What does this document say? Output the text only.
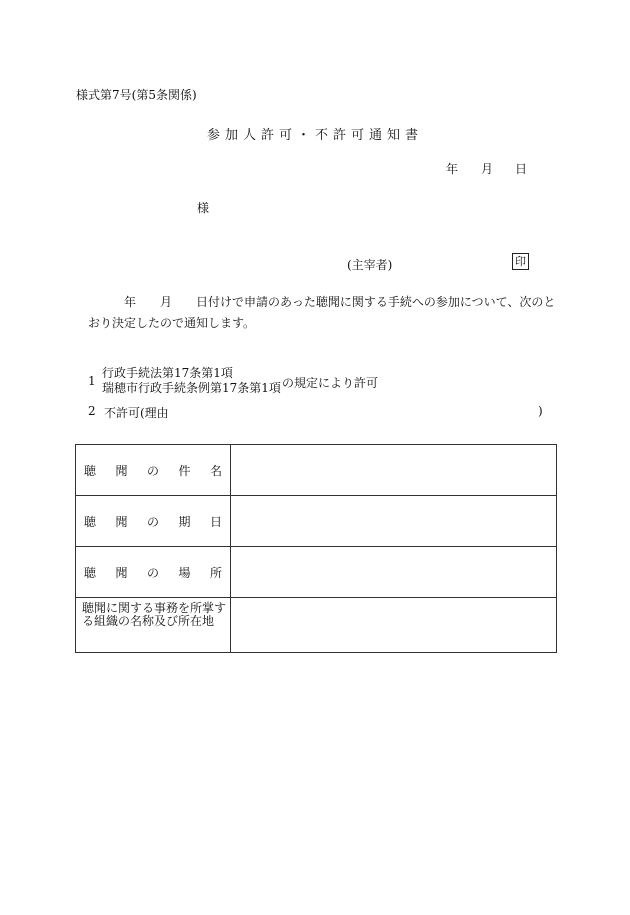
様式第7号(第5条関係)
参加人許可・不許可通知書
年 月 日
様
(主宰者)	印
年 月 日付けで申請のあった聴聞に関する手続への参加について、次のと
おり決定したので通知します。
1
行政手続法第17条第1項
瑞穂市行政手続条例第17条第1項 の規定により許可
2 不許可(理由	)
聴聞の件名	
聴聞の期日	
聴聞の場所	
聴聞に関する事務を所掌する組織の名称及び所在地	
